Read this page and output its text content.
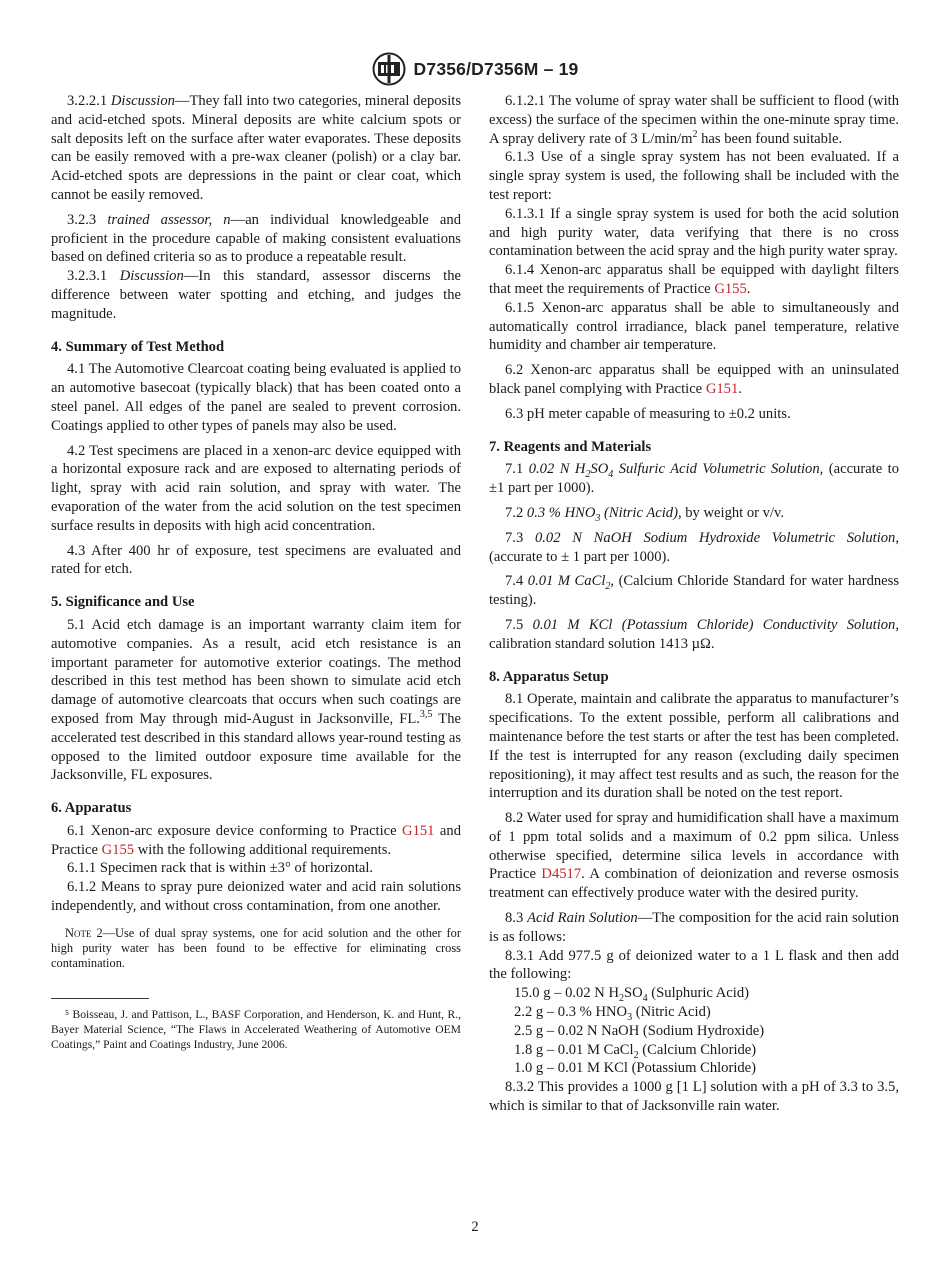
D7356/D7356M – 19

3.2.2.1 Discussion—They fall into two categories, mineral deposits and acid-etched spots. Mineral deposits are white calcium spots or salt deposits left on the surface after water evaporates. These deposits can be easily removed with a pre-wax cleaner (polish) or a clay bar. Acid-etched spots are depressions in the paint or clear coat, which cannot be easily removed.

3.2.3 trained assessor, n—an individual knowledgeable and proficient in the procedure capable of making consistent evaluations based on defined criteria so as to produce a repeatable result.

3.2.3.1 Discussion—In this standard, assessor discerns the difference between water spotting and etching, and judges the magnitude.

4. Summary of Test Method

4.1 The Automotive Clearcoat coating being evaluated is applied to an automotive basecoat (typically black) that has been coated onto a steel panel. All edges of the panel are sealed to prevent corrosion. Coatings applied to other types of panels may also be used.

4.2 Test specimens are placed in a xenon-arc device equipped with a horizontal exposure rack and are exposed to alternating periods of light, spray with acid rain solution, and spray with water. The evaporation of the water from the acid solution on the test specimen surface results in deposits with high acid concentration.

4.3 After 400 hr of exposure, test specimens are evaluated and rated for etch.

5. Significance and Use

5.1 Acid etch damage is an important warranty claim item for automotive companies. As a result, acid etch resistance is an important parameter for automotive exterior coatings. The method described in this test method has been shown to simulate acid etch damage of automotive clearcoats that occurs when such coatings are exposed from May through mid-August in Jacksonville, FL.$^{3,5}$ The accelerated test described in this standard allows year-round testing as opposed to the limited outdoor exposure time available for the Jacksonville, FL exposures.

6. Apparatus

6.1 Xenon-arc exposure device conforming to Practice G151 and Practice G155 with the following additional requirements.

6.1.1 Specimen rack that is within ±3° of horizontal.

6.1.2 Means to spray pure deionized water and acid rain solutions independently, and without cross contamination, from one another.

Note 2—Use of dual spray systems, one for acid solution and the other for high purity water has been found to be effective for eliminating cross contamination.

⁵ Boisseau, J. and Pattison, L., BASF Corporation, and Henderson, K. and Hunt, R., Bayer Material Science, “The Flaws in Accelerated Weathering of Automotive OEM Coatings,” Paint and Coatings Industry, June 2006.

6.1.2.1 The volume of spray water shall be sufficient to flood (with excess) the surface of the specimen within the one-minute spray time. A spray delivery rate of 3 $L/\min/m^2$ has been found suitable.

6.1.3 Use of a single spray system has not been evaluated. If a single spray system is used, the following shall be included with the test report:

6.1.3.1 If a single spray system is used for both the acid solution and high purity water, data verifying that there is no cross contamination between the acid spray and the high purity water spray.

6.1.4 Xenon-arc apparatus shall be equipped with daylight filters that meet the requirements of Practice G155.

6.1.5 Xenon-arc apparatus shall be able to simultaneously and automatically control irradiance, black panel temperature, relative humidity and chamber air temperature.

6.2 Xenon-arc apparatus shall be equipped with an uninsulated black panel complying with Practice G151.

6.3 pH meter capable of measuring to ±0.2 units.

7. Reagents and Materials

7.1 0.02 N $H_2SO_4$ Sulfuric Acid Volumetric Solution, (accurate to ±1 part per 1000).

7.2 0.3 % $HNO_3$ (Nitric Acid), by weight or v/v.

7.3 0.02 N NaOH Sodium Hydroxide Volumetric Solution, (accurate to ± 1 part per 1000).

7.4 0.01 M CaCl$_2$, (Calcium Chloride Standard for water hardness testing).

7.5 0.01 M KCl (Potassium Chloride) Conductivity Solution, calibration standard solution 1413 µΩ.

8. Apparatus Setup

8.1 Operate, maintain and calibrate the apparatus to manufacturer’s specifications. To the extent possible, perform all calibrations and maintenance before the test starts or after the test has been completed. If the test is interrupted for any reason (excluding daily specimen repositioning), it may affect test results and as such, the reason for the interruption and its duration shall be noted on the test report.

8.2 Water used for spray and humidification shall have a maximum of 1 ppm total solids and a maximum of 0.2 ppm silica. Unless otherwise specified, determine silica levels in accordance with Practice D4517. A combination of deionization and reverse osmosis treatment can effectively produce water with the desired purity.

8.3 Acid Rain Solution—The composition for the acid rain solution is as follows:

8.3.1 Add 977.5 g of deionized water to a 1 L flask and then add the following:

15.0 g – 0.02 N $H_2SO_4$ (Sulphuric Acid)

2.2 g – 0.3 % $HNO_3$ (Nitric Acid)

2.5 g – 0.02 N NaOH (Sodium Hydroxide)

1.8 g – 0.01 M CaCl$_2$ (Calcium Chloride)

1.0 g – 0.01 M KCl (Potassium Chloride)

8.3.2 This provides a 1000 g [1 L] solution with a pH of 3.3 to 3.5, which is similar to that of Jacksonville rain water.

2
